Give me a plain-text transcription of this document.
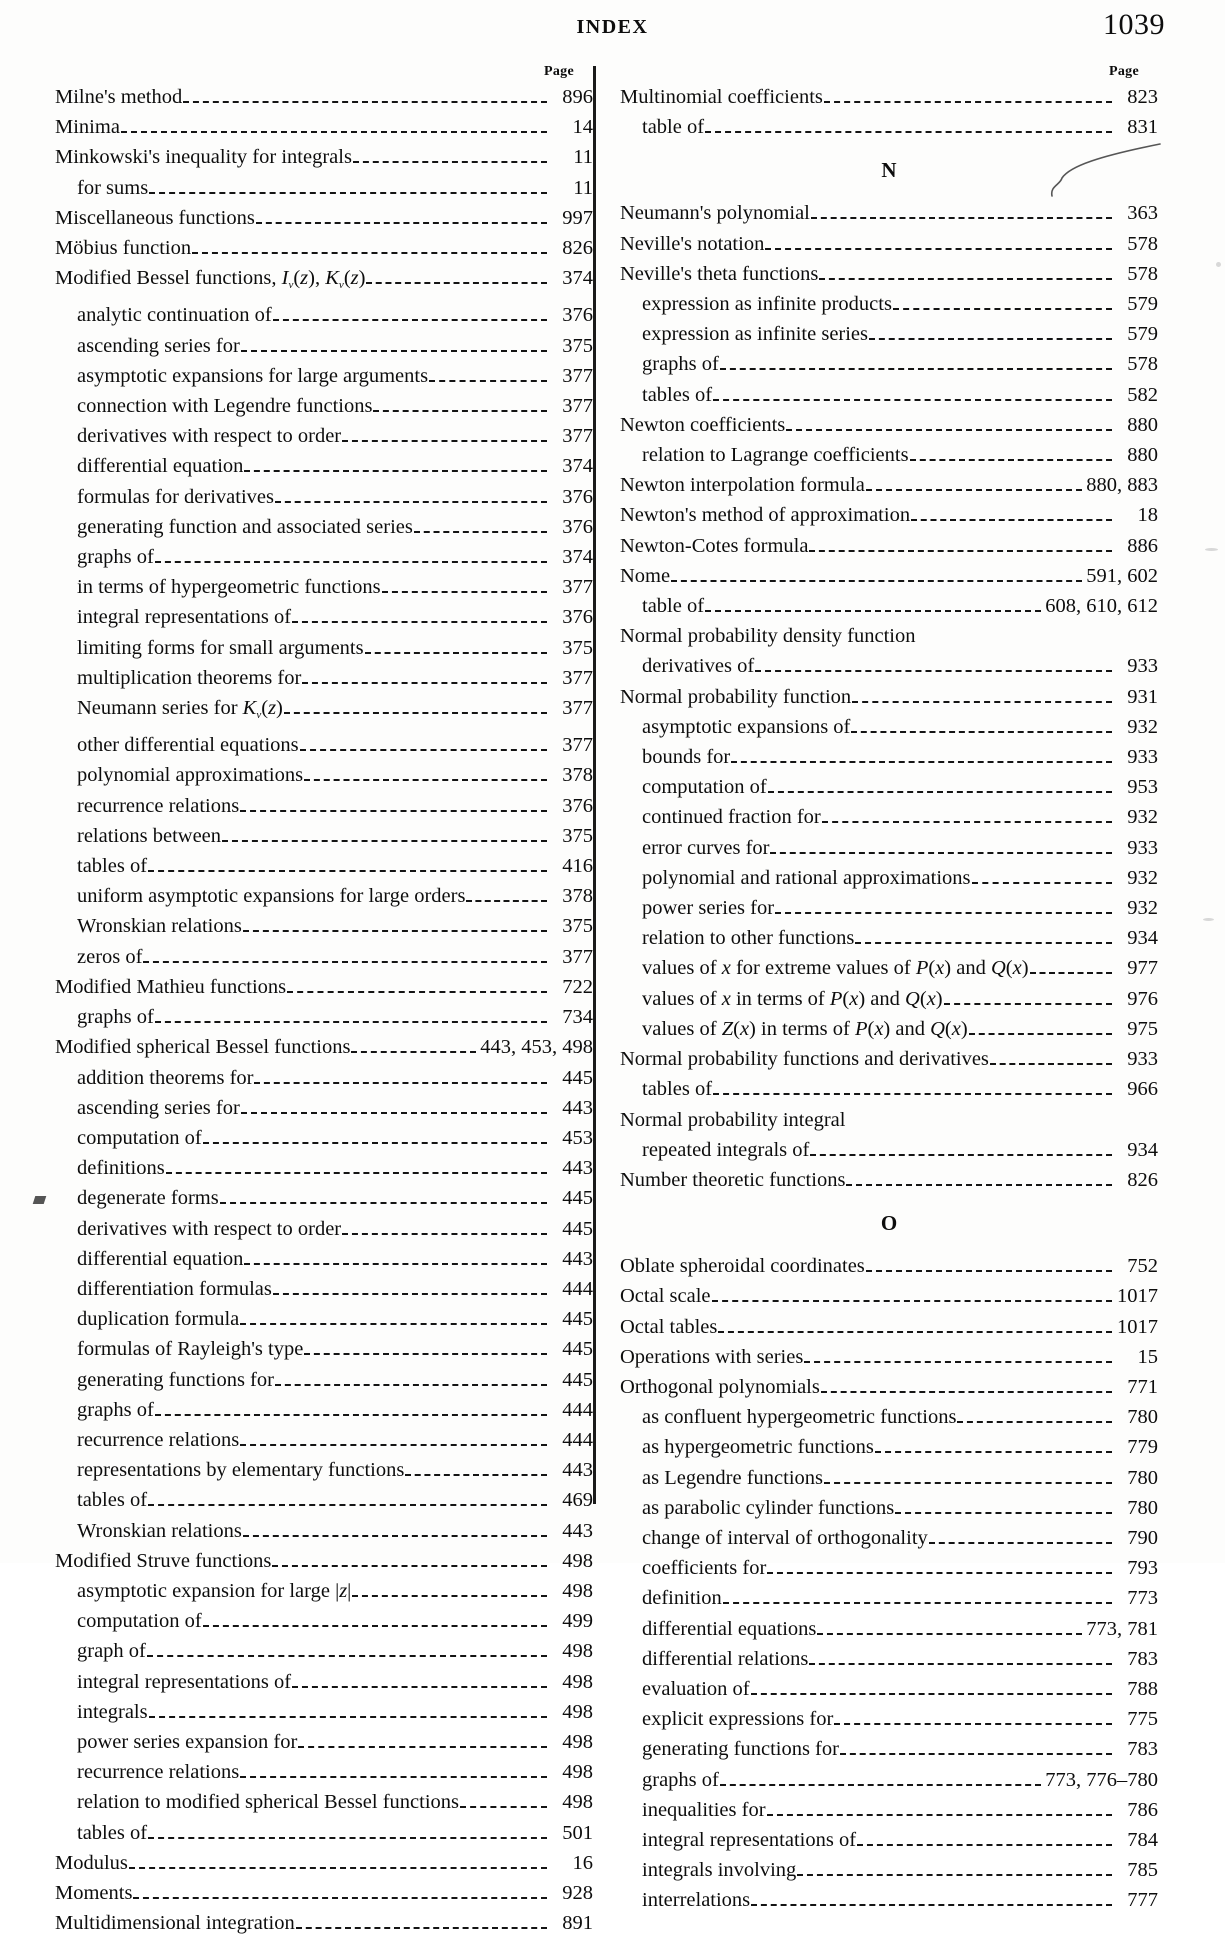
INDEX	1039
Page
Milne's method	896
Minima	14
Minkowski's inequality for integrals	11
for sums	11
Miscellaneous functions	997
Möbius function	826
Modified Bessel functions, $I_\nu(z)$, $K_\nu(z)$	374
analytic continuation of	376
ascending series for	375
asymptotic expansions for large arguments	377
connection with Legendre functions	377
derivatives with respect to order	377
differential equation	374
formulas for derivatives	376
generating function and associated series	376
graphs of	374
in terms of hypergeometric functions	377
integral representations of	376
limiting forms for small arguments	375
multiplication theorems for	377
Neumann series for $K_\nu(z)$	377
other differential equations	377
polynomial approximations	378
recurrence relations	376
relations between	375
tables of	416
uniform asymptotic expansions for large orders	378
Wronskian relations	375
zeros of	377
Modified Mathieu functions	722
graphs of	734
Modified spherical Bessel functions	443, 453, 498
addition theorems for	445
ascending series for	443
computation of	453
definitions	443
degenerate forms	445
derivatives with respect to order	445
differential equation	443
differentiation formulas	444
duplication formula	445
formulas of Rayleigh's type	445
generating functions for	445
graphs of	444
recurrence relations	444
representations by elementary functions	443
tables of	469
Wronskian relations	443
Modified Struve functions	498
asymptotic expansion for large |z|	498
computation of	499
graph of	498
integral representations of	498
integrals	498
power series expansion for	498
recurrence relations	498
relation to modified spherical Bessel functions	498
tables of	501
Modulus	16
Moments	928
Multidimensional integration	891
Page
Multinomial coefficients	823
table of	831
N
Neumann's polynomial	363
Neville's notation	578
Neville's theta functions	578
expression as infinite products	579
expression as infinite series	579
graphs of	578
tables of	582
Newton coefficients	880
relation to Lagrange coefficients	880
Newton interpolation formula	880, 883
Newton's method of approximation	18
Newton-Cotes formula	886
Nome	591, 602
table of	608, 610, 612
Normal probability density function
derivatives of	933
Normal probability function	931
asymptotic expansions of	932
bounds for	933
computation of	953
continued fraction for	932
error curves for	933
polynomial and rational approximations	932
power series for	932
relation to other functions	934
values of x for extreme values of P(x) and Q(x)	977
values of x in terms of P(x) and Q(x)	976
values of Z(x) in terms of P(x) and Q(x)	975
Normal probability functions and derivatives	933
tables of	966
Normal probability integral
repeated integrals of	934
Number theoretic functions	826
O
Oblate spheroidal coordinates	752
Octal scale	1017
Octal tables	1017
Operations with series	15
Orthogonal polynomials	771
as confluent hypergeometric functions	780
as hypergeometric functions	779
as Legendre functions	780
as parabolic cylinder functions	780
change of interval of orthogonality	790
coefficients for	793
definition	773
differential equations	773, 781
differential relations	783
evaluation of	788
explicit expressions for	775
generating functions for	783
graphs of	773, 776–780
inequalities for	786
integral representations of	784
integrals involving	785
interrelations	777
